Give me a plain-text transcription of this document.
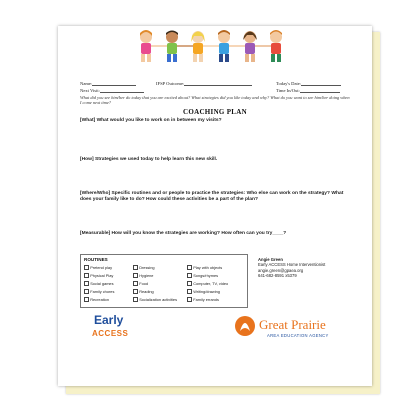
Name:	IFSP Outcome:	Today's Date:
Next Visit:	Time In/Out:
What did you see him/her do today that you are excited about? What strategies did you like today and why? What do you want to see him/her doing when I come next time?
COACHING PLAN
[What] What would you like to work on in between my visits?
[How] Strategies we used today to help learn this new skill.
[Where/Who] Specific routines and or people to practice the strategies: Who else can work on the strategy? What does your family like to do? How could these activities be a part of the plan?
[Measurable] How will you know the strategies are working? How often can you try____?
ROUTINES
Pretend play
Physical Play
Social games
Family chores
Recreation
Dressing
Hygiene
Food
Reading
Socialization activities
Play with objects
Songs/rhymes
Computer, TV, video
Writing/drawing
Family errands
Angie Green
Early ACCESS Home Interventionist
angie.green@gpaea.org
641-682-8591 x5379
Early
ACCESS
Great Prairie
AREA EDUCATION AGENCY
